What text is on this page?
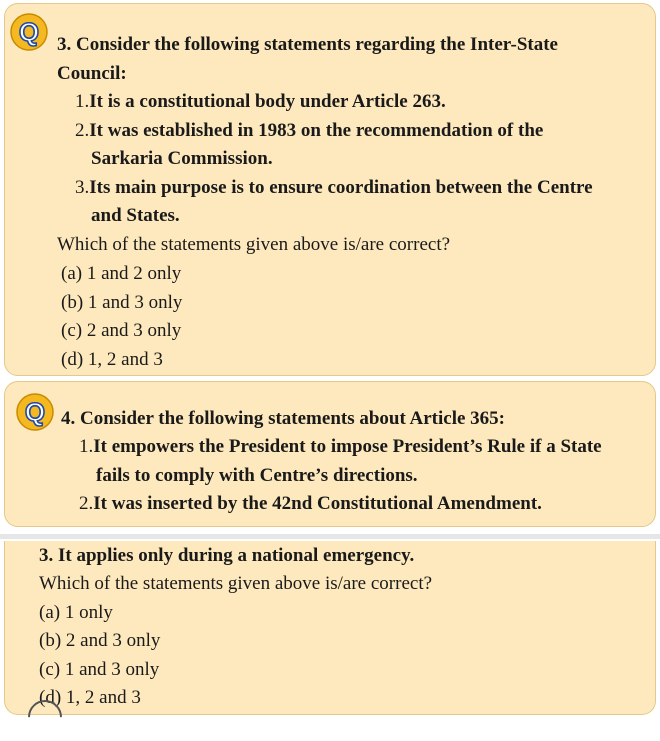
Q 3. Consider the following statements regarding the Inter-State
Council:
1.It is a constitutional body under Article 263.
2.It was established in 1983 on the recommendation of the
Sarkaria Commission.
3.Its main purpose is to ensure coordination between the Centre
and States.
Which of the statements given above is/are correct?
(a) 1 and 2 only
(b) 1 and 3 only
(c) 2 and 3 only
(d) 1, 2 and 3
Q 4. Consider the following statements about Article 365:
1.It empowers the President to impose President’s Rule if a State
fails to comply with Centre’s directions.
2.It was inserted by the 42nd Constitutional Amendment.
3. It applies only during a national emergency.
Which of the statements given above is/are correct?
(a) 1 only
(b) 2 and 3 only
(c) 1 and 3 only
(d) 1, 2 and 3
